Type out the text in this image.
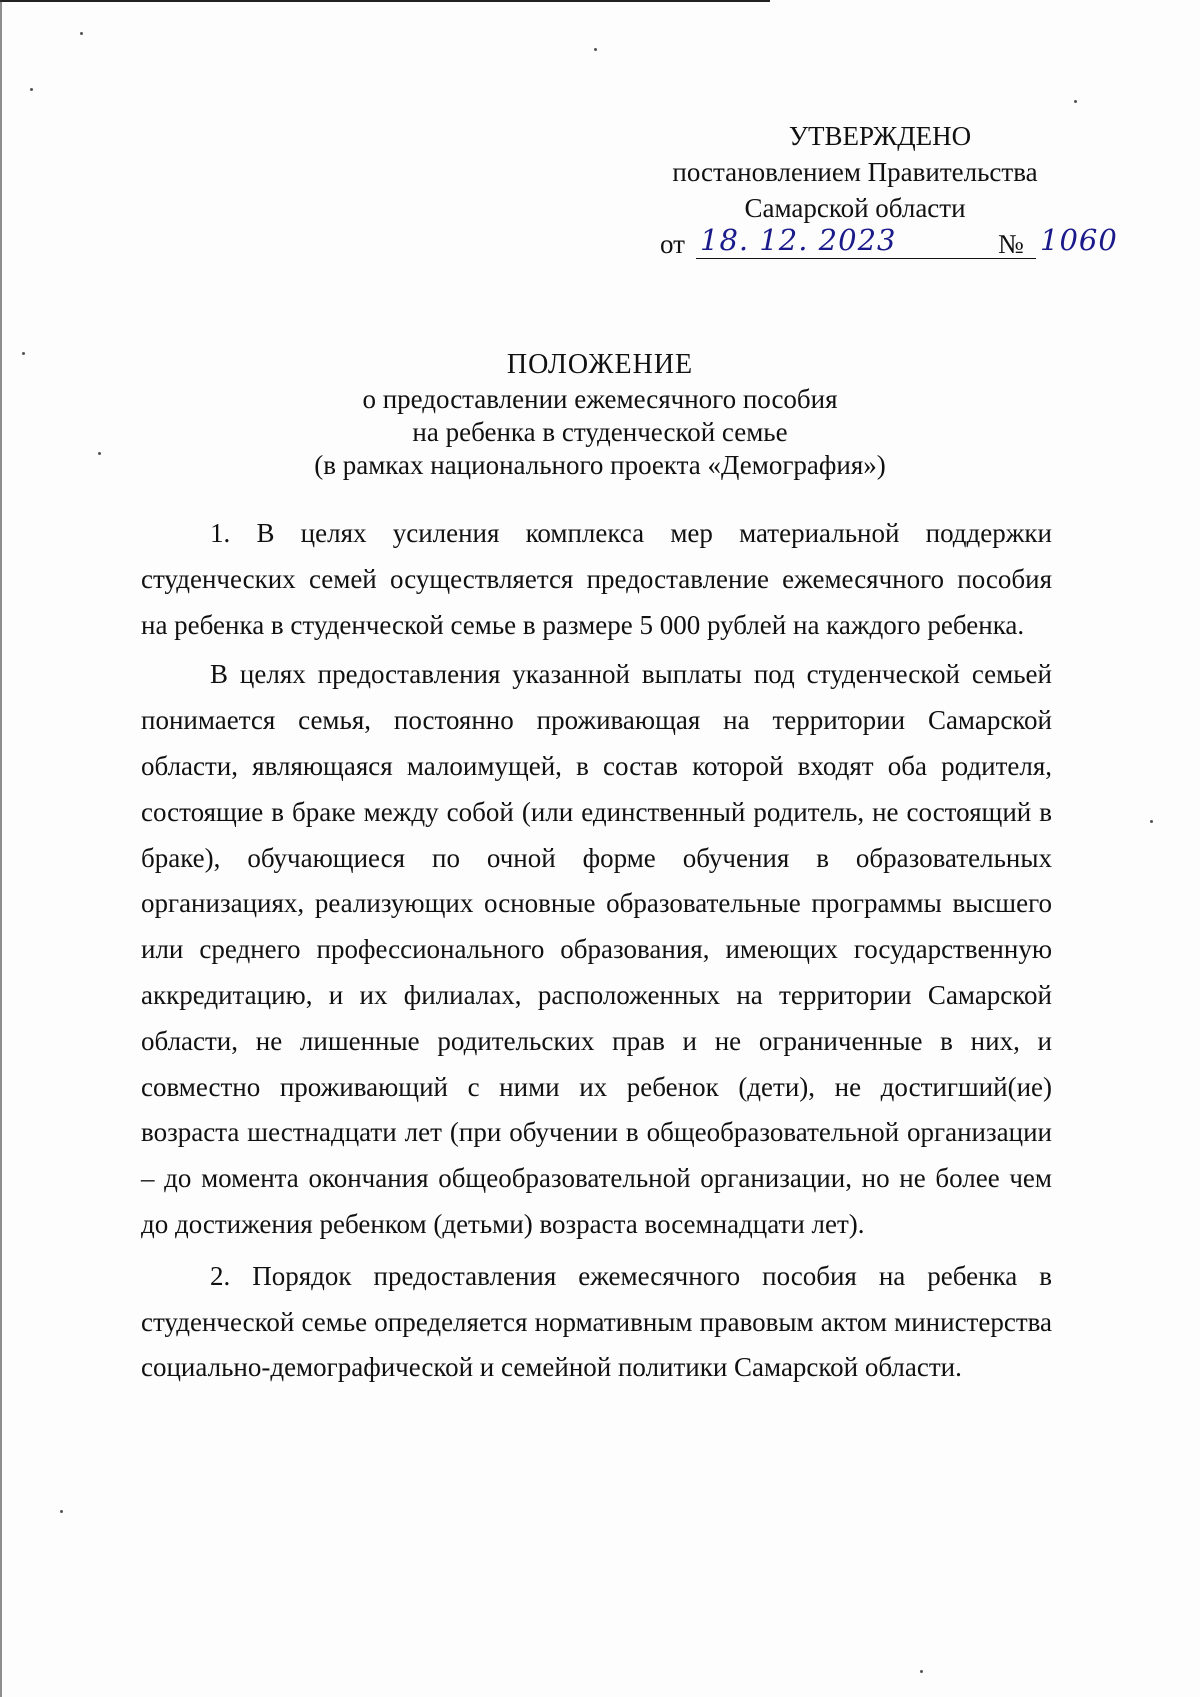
УТВЕРЖДЕНО
постановлением Правительства
Самарской области
от 18. 12. 2023	№ 1060
ПОЛОЖЕНИЕ
о предоставлении ежемесячного пособия
на ребенка в студенческой семье
(в рамках национального проекта «Демография»)

1. В целях усиления комплекса мер материальной поддержки студенческих семей осуществляется предоставление ежемесячного пособия на ребенка в студенческой семье в размере 5 000 рублей на каждого ребенка.

В целях предоставления указанной выплаты под студенческой семьей понимается семья, постоянно проживающая на территории Самарской области, являющаяся малоимущей, в состав которой входят оба родителя, состоящие в браке между собой (или единственный родитель, не состоящий в браке), обучающиеся по очной форме обучения в образовательных организациях, реализующих основные образовательные программы высшего или среднего профессионального образования, имеющих государственную аккредитацию, и их филиалах, расположенных на территории Самарской области, не лишенные родительских прав и не ограниченные в них, и совместно проживающий с ними их ребенок (дети), не достигший(ие) возраста шестнадцати лет (при обучении в общеобразовательной организации – до момента окончания общеобразовательной организации, но не более чем до достижения ребенком (детьми) возраста восемнадцати лет).

2. Порядок предоставления ежемесячного пособия на ребенка в студенческой семье определяется нормативным правовым актом министерства социально-демографической и семейной политики Самарской области.
